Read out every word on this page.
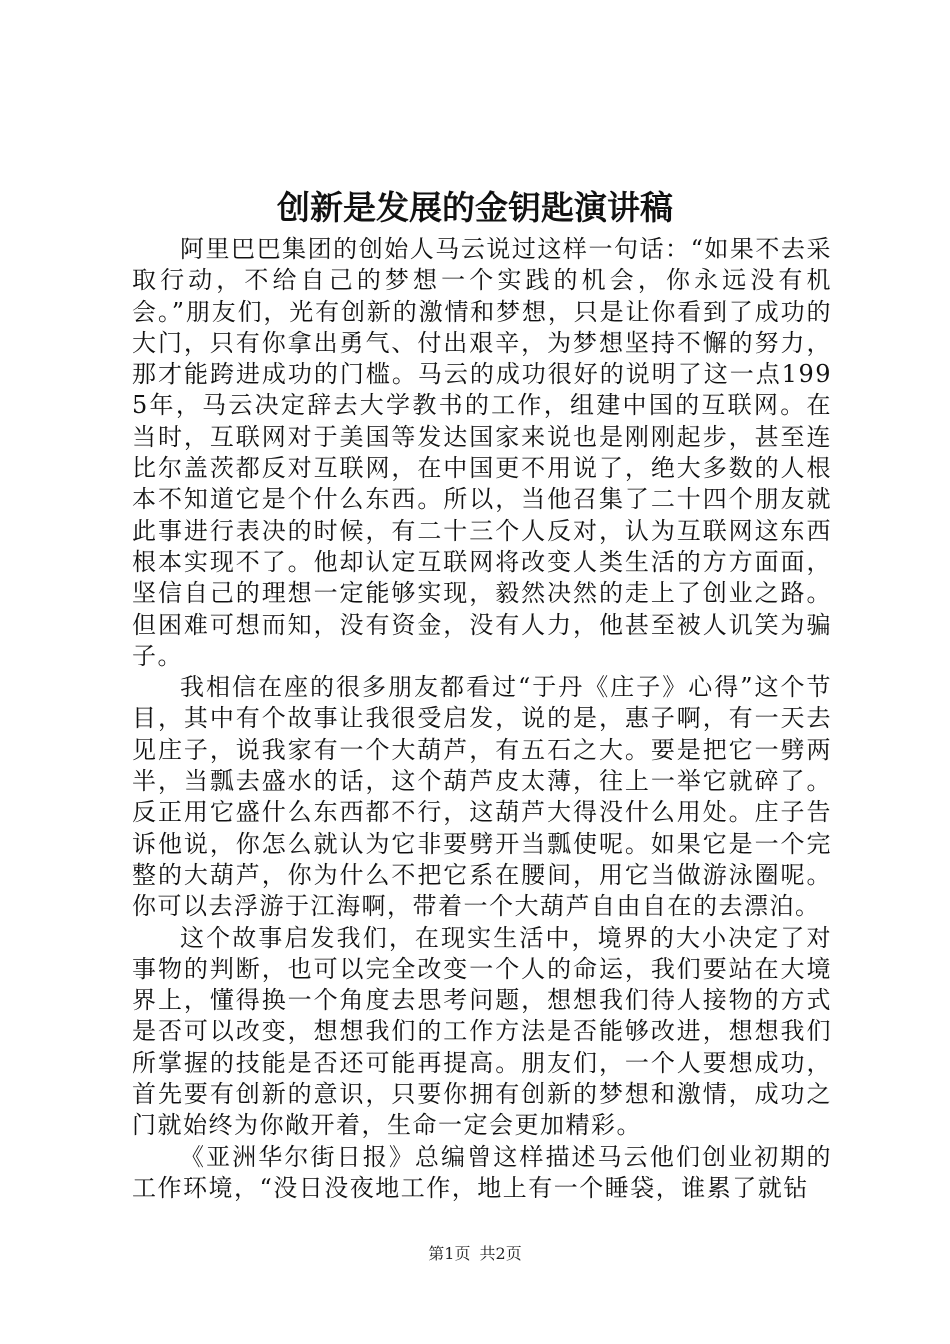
创新是发展的金钥匙演讲稿

阿里巴巴集团的创始人马云说过这样一句话：“如果不去采取行动，不给自己的梦想一个实践的机会，你永远没有机会。”朋友们，光有创新的激情和梦想，只是让你看到了成功的大门，只有你拿出勇气、付出艰辛，为梦想坚持不懈的努力，那才能跨进成功的门槛。马云的成功很好的说明了这一点1995年，马云决定辞去大学教书的工作，组建中国的互联网。在当时，互联网对于美国等发达国家来说也是刚刚起步，甚至连比尔盖茨都反对互联网，在中国更不用说了，绝大多数的人根本不知道它是个什么东西。所以，当他召集了二十四个朋友就此事进行表决的时候，有二十三个人反对，认为互联网这东西根本实现不了。他却认定互联网将改变人类生活的方方面面，坚信自己的理想一定能够实现，毅然决然的走上了创业之路。但困难可想而知，没有资金，没有人力，他甚至被人讥笑为骗子。

我相信在座的很多朋友都看过“于丹《庄子》心得”这个节目，其中有个故事让我很受启发，说的是，惠子啊，有一天去见庄子，说我家有一个大葫芦，有五石之大。要是把它一劈两半，当瓢去盛水的话，这个葫芦皮太薄，往上一举它就碎了。反正用它盛什么东西都不行，这葫芦大得没什么用处。庄子告诉他说，你怎么就认为它非要劈开当瓢使呢。如果它是一个完整的大葫芦，你为什么不把它系在腰间，用它当做游泳圈呢。你可以去浮游于江海啊，带着一个大葫芦自由自在的去漂泊。

这个故事启发我们，在现实生活中，境界的大小决定了对事物的判断，也可以完全改变一个人的命运，我们要站在大境界上，懂得换一个角度去思考问题，想想我们待人接物的方式是否可以改变，想想我们的工作方法是否能够改进，想想我们所掌握的技能是否还可能再提高。朋友们，一个人要想成功，首先要有创新的意识，只要你拥有创新的梦想和激情，成功之门就始终为你敞开着，生命一定会更加精彩。

《亚洲华尔街日报》总编曾这样描述马云他们创业初期的工作环境，“没日没夜地工作，地上有一个睡袋，谁累了就钻

第1页 共2页
